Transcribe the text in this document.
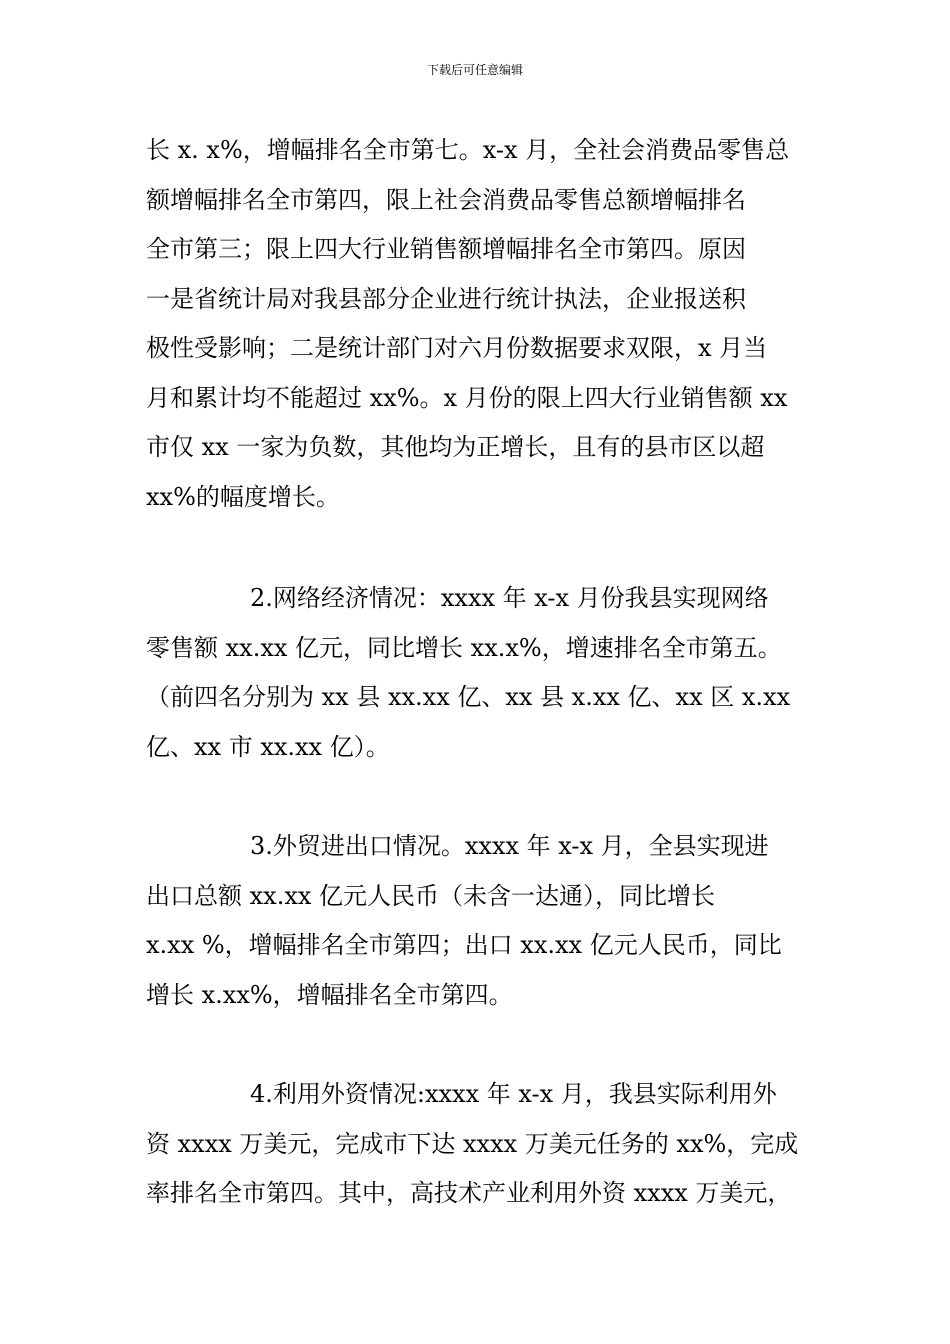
下载后可任意编辑
长 x. x%，增幅排名全市第七。x-x 月，全社会消费品零售总
额增幅排名全市第四，限上社会消费品零售总额增幅排名
全市第三；限上四大行业销售额增幅排名全市第四。原因
一是省统计局对我县部分企业进行统计执法，企业报送积
极性受影响；二是统计部门对六月份数据要求双限，x 月当
月和累计均不能超过 xx%。x 月份的限上四大行业销售额 xx
市仅 xx 一家为负数，其他均为正增长，且有的县市区以超
xx%的幅度增长。
2.网络经济情况：xxxx 年 x-x 月份我县实现网络
零售额 xx.xx 亿元，同比增长 xx.x%，增速排名全市第五。
（前四名分别为 xx 县 xx.xx 亿、xx 县 x.xx 亿、xx 区 x.xx
亿、xx 市 xx.xx 亿）。
3.外贸进出口情况。xxxx 年 x-x 月，全县实现进
出口总额 xx.xx 亿元人民币（未含一达通），同比增长
x.xx %，增幅排名全市第四；出口 xx.xx 亿元人民币，同比
增长 x.xx%，增幅排名全市第四。
4.利用外资情况:xxxx 年 x-x 月，我县实际利用外
资 xxxx 万美元，完成市下达 xxxx 万美元任务的 xx%，完成
率排名全市第四。其中，高技术产业利用外资 xxxx 万美元，
